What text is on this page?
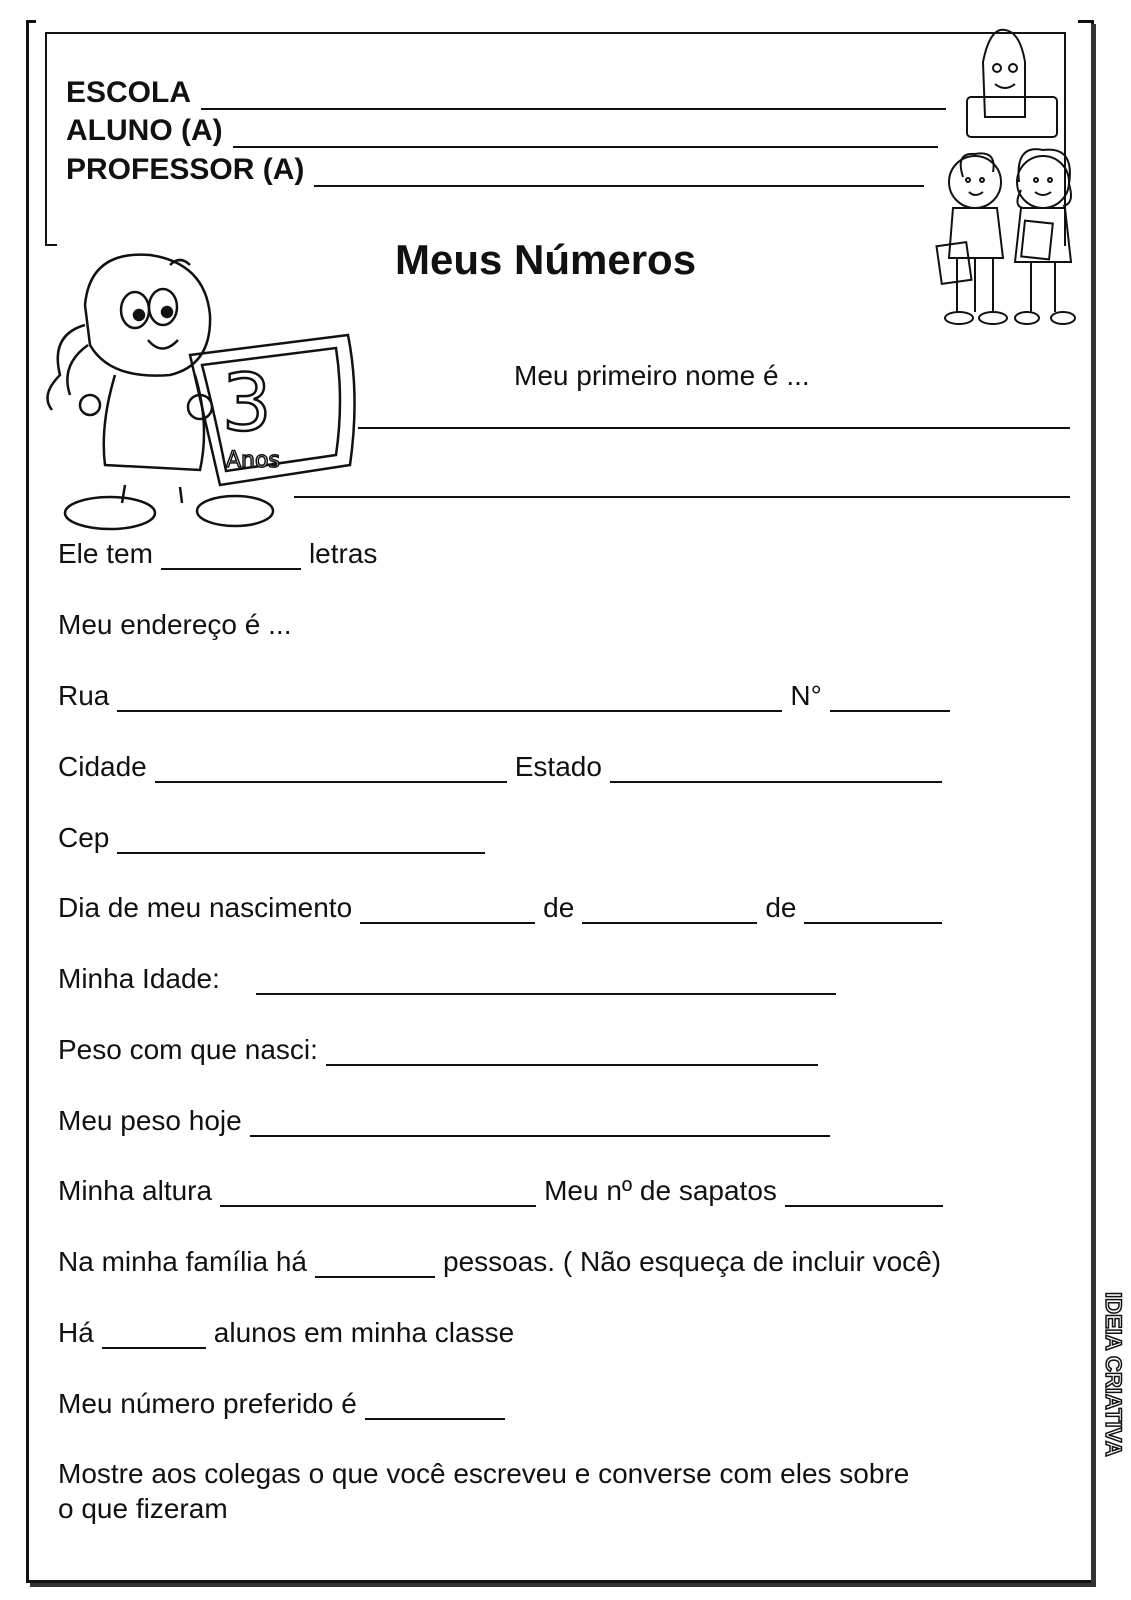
ESCOLA
ALUNO (A)
PROFESSOR (A)
Meus Números
3
Anos
Meu primeiro nome é ...
Ele tem	letras
Meu endereço é ...
Rua	N°
Cidade	Estado
Cep
Dia de meu nascimento	de	de
Minha Idade:
Peso com que nasci:
Meu peso hoje
Minha altura	Meu nº de sapatos
Na minha família há	pessoas. ( Não esqueça de incluir você)
Há	alunos em minha classe
Meu número preferido é
Mostre aos colegas o que você escreveu e converse com eles sobre
o que fizeram
IDEIA CRIATIVA
